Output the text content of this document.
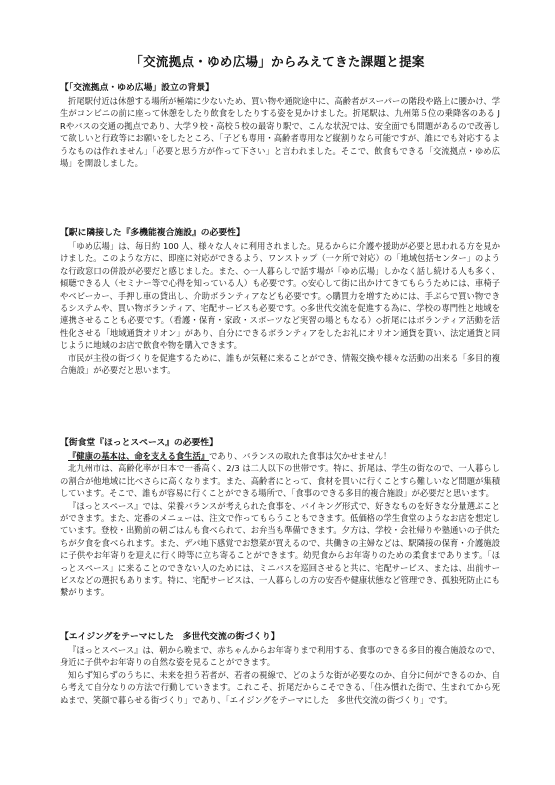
「交流拠点・ゆめ広場」からみえてきた課題と提案
【「交流拠点・ゆめ広場」設立の背景】

折尾駅付近は休憩する場所が極端に少ないため、買い物や通院途中に、高齢者がスーパーの階段や路上に腰かけ、学生がコンビニの前に座って休憩をしたり飲食をしたりする姿を見かけました。折尾駅は、九州第５位の乗降客のある J Rやバスの交通の拠点であり、大学９校・高校５校の最寄り駅で、こんな状況では、安全面でも問題があるので改善して欲しいと行政等にお願いをしたところ、「子ども専用・高齢者専用など縦割りなら可能ですが、誰にでも対応するようなものは作れません」「必要と思う方が作って下さい」と言われました。そこで、飲食もできる「交流拠点・ゆめ広場」を開設しました。

【駅に隣接した『多機能複合施設』の必要性】

「ゆめ広場」は、毎日約 100 人、様々な人々に利用されました。見るからに介護や援助が必要と思われる方を見かけました。このような方に、即座に対応ができるよう、ワンストップ（一ケ所で対応）の「地域包括センター」のような行政窓口の併設が必要だと感じました。また、◇一人暮らしで話す場が「ゆめ広場」しかなく話し続ける人も多く、傾聴できる人（セミナー等で心得を知っている人）も必要です。◇安心して街に出かけてきてもらうためには、車椅子やベビーカー、手押し車の貸出し、介助ボランティアなども必要です。◇購買力を増すためには、手ぶらで買い物できるシステムや、買い物ボランティア、宅配サービスも必要です。◇多世代交流を促進する為に、学校の専門性と地域を連携させることも必要です。（看護・保育・家政・スポーツなど実習の場ともなる）◇折尾にはボランティア活動を活性化させる「地域通貨オリオン」があり、自分にできるボランティアをしたお礼にオリオン通貨を貰い、法定通貨と同じように地域のお店で飲食や物を購入できます。

市民が主役の街づくりを促進するために、誰もが気軽に来ることができ、情報交換や様々な活動の出来る「多目的複合施設」が必要だと思います。

【街食堂『ほっとスペース』の必要性】

『健康の基本は、命を支える食生活』であり、バランスの取れた食事は欠かせません！

北九州市は、高齢化率が日本で一番高く、2/3 は二人以下の世帯です。特に、折尾は、学生の街なので、一人暮らしの割合が他地域に比べさらに高くなります。また、高齢者にとって、食材を買いに行くことすら難しいなど問題が集積しています。そこで、誰もが容易に行くことができる場所で、「食事のできる多目的複合施設」が必要だと思います。

『ほっとスペース』では、栄養バランスが考えられた食事を、バイキング形式で、好きなものを好きな分量選ぶことができます。また、定番のメニューは、注文で作ってもらうこともできます。低価格の学生食堂のようなお店を想定しています。登校・出勤前の朝ごはんも食べられて、お弁当も準備できます。夕方は、学校・会社帰りや塾通いの子供たちが夕食を食べられます。また、デパ地下感覚でお惣菜が買えるので、共働きの主婦などは、駅隣接の保育・介護施設に子供やお年寄りを迎えに行く時等に立ち寄ることができます。幼児食からお年寄りのための柔食まであります。「ほっとスペース」に来ることのできない人のためには、ミニバスを巡回させると共に、宅配サービス、または、出前サービスなどの選択もあります。特に、宅配サービスは、一人暮らしの方の安否や健康状態など管理でき、孤独死防止にも繋がります。

【エイジングをテーマにした　多世代交流の街づくり】

『ほっとスペース』は、朝から晩まで、赤ちゃんからお年寄りまで利用する、食事のできる多目的複合施設なので、身近に子供やお年寄りの自然な姿を見ることができます。

知らず知らずのうちに、未来を担う若者が、若者の視線で、どのような街が必要なのか、自分に何ができるのか、自ら考えて自分なりの方法で行動していきます。これこそ、折尾だからこそできる、「住み慣れた街で、生まれてから死ぬまで、笑顔で暮らせる街づくり」であり、「エイジングをテーマにした　多世代交流の街づくり」です。
